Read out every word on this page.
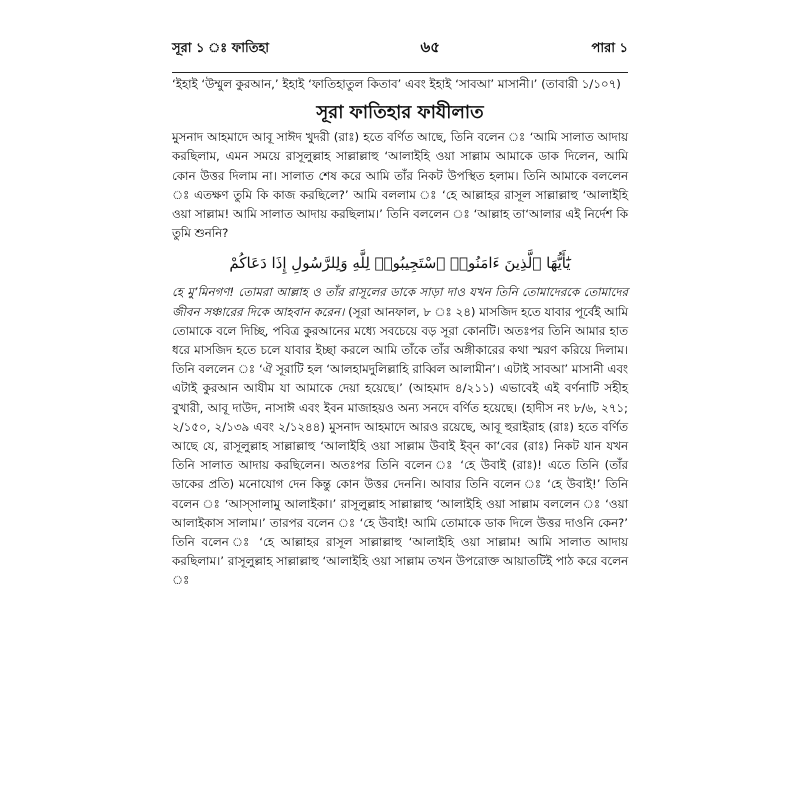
সূরা ১ ঃ ফাতিহা	৬৫	পারা ১

‘ইহাই ‘উম্মুল কুরআন,’ ইহাই ‘ফাতিহাতুল কিতাব’ এবং ইহাই ‘সাবআ’ মাসানী।’ (তাবারী ১/১০৭)

সূরা ফাতিহার ফাযীলাত

মুসনাদ আহমাদে আবূ সাঈদ খুদরী (রাঃ) হতে বর্ণিত আছে, তিনি বলেন ঃ ‘আমি সালাত আদায় করছিলাম, এমন সময়ে রাসূলুল্লাহ সাল্লাল্লাহু ‘আলাইহি ওয়া সাল্লাম আমাকে ডাক দিলেন, আমি কোন উত্তর দিলাম না। সালাত শেষ করে আমি তাঁর নিকট উপস্থিত হলাম। তিনি আমাকে বললেন ঃ এতক্ষণ তুমি কি কাজ করছিলে?’ আমি বললাম ঃ ‘হে আল্লাহর রাসূল সাল্লাল্লাহু ‘আলাইহি ওয়া সাল্লাম! আমি সালাত আদায় করছিলাম।’ তিনি বললেন ঃ ‘আল্লাহ তা‘আলার এই নির্দেশ কি তুমি শুননি?

يَٰٓأَيُّهَا ٱلَّذِينَ ءَامَنُوا۟ ٱسْتَجِيبُوا۟ لِلَّهِ وَلِلرَّسُولِ إِذَا دَعَاكُمْ

হে মু’মিনগণ! তোমরা আল্লাহ ও তাঁর রাসূলের ডাকে সাড়া দাও যখন তিনি তোমাদেরকে তোমাদের জীবন সঞ্চারের দিকে আহবান করেন। (সূরা আনফাল, ৮ ঃ ২৪) মাসজিদ হতে যাবার পূর্বেই আমি তোমাকে বলে দিচ্ছি, পবিত্র কুরআনের মধ্যে সবচেয়ে বড় সূরা কোনটি। অতঃপর তিনি আমার হাত ধরে মাসজিদ হতে চলে যাবার ইচ্ছা করলে আমি তাঁকে তাঁর অঙ্গীকারের কথা স্মরণ করিয়ে দিলাম। তিনি বললেন ঃ ‘ঐ সূরাটি হল ‘আলহামদুলিল্লাহি রাব্বিল আলামীন’। এটাই সাবআ’ মাসানী এবং এটাই কুরআন আযীম যা আমাকে দেয়া হয়েছে।’ (আহমাদ ৪/২১১) এভাবেই এই বর্ণনাটি সহীহ বুখারী, আবূ দাউদ, নাসাঈ এবং ইবন মাজাহয়ও অন্য সনদে বর্ণিত হয়েছে। (হাদীস নং ৮/৬, ২৭১; ২/১৫০, ২/১৩৯ এবং ২/১২৪৪) মুসনাদ আহমাদে আরও রয়েছে, আবূ হুরাইরাহ (রাঃ) হতে বর্ণিত আছে যে, রাসূলুল্লাহ সাল্লাল্লাহু ‘আলাইহি ওয়া সাল্লাম উবাই ইব্ন কা‘বের (রাঃ) নিকট যান যখন তিনি সালাত আদায় করছিলেন। অতঃপর তিনি বলেন ঃ ‘হে উবাই (রাঃ)! এতে তিনি (তাঁর ডাকের প্রতি) মনোযোগ দেন কিন্তু কোন উত্তর দেননি। আবার তিনি বলেন ঃ ‘হে উবাই!’ তিনি বলেন ঃ ‘আস্সালামু আলাইকা।’ রাসূলুল্লাহ সাল্লাল্লাহু ‘আলাইহি ওয়া সাল্লাম বললেন ঃ ‘ওয়া আলাইকাস সালাম।’ তারপর বলেন ঃ ‘হে উবাই! আমি তোমাকে ডাক দিলে উত্তর দাওনি কেন?’ তিনি বলেন ঃ ‘হে আল্লাহর রাসূল সাল্লাল্লাহু ‘আলাইহি ওয়া সাল্লাম! আমি সালাত আদায় করছিলাম।’ রাসূলুল্লাহ সাল্লাল্লাহু ‘আলাইহি ওয়া সাল্লাম তখন উপরোক্ত আয়াতটিই পাঠ করে বলেন ঃ
